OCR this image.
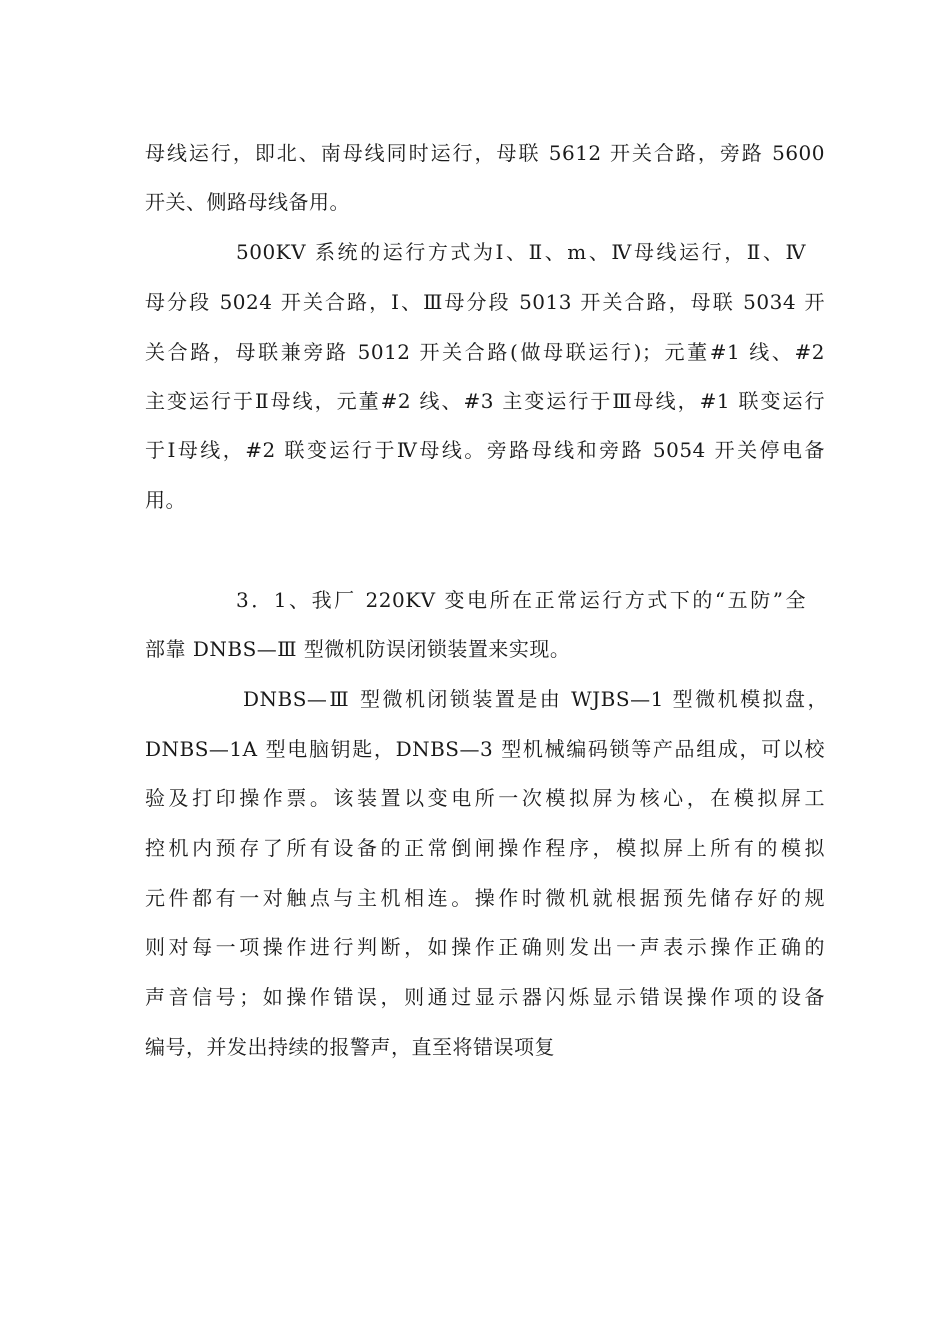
母线运行，即北、南母线同时运行，母联 5612 开关合路，旁路 5600
开关、侧路母线备用。
500KV 系统的运行方式为Ⅰ、Ⅱ、m、Ⅳ母线运行，Ⅱ、Ⅳ
母分段 5024 开关合路，Ⅰ、Ⅲ母分段 5013 开关合路，母联 5034 开
关合路，母联兼旁路 5012 开关合路(做母联运行)；元董#1 线、#2
主变运行于Ⅱ母线，元董#2 线、#3 主变运行于Ⅲ母线，#1 联变运行
于Ⅰ母线，#2 联变运行于Ⅳ母线。旁路母线和旁路 5054 开关停电备
用。
3．1、我厂 220KV 变电所在正常运行方式下的“五防”全
部靠 DNBS—Ⅲ 型微机防误闭锁装置来实现。
DNBS—Ⅲ 型微机闭锁装置是由 WJBS—1 型微机模拟盘，
DNBS—1A 型电脑钥匙，DNBS—3 型机械编码锁等产品组成，可以校
验及打印操作票。该装置以变电所一次模拟屏为核心，在模拟屏工
控机内预存了所有设备的正常倒闸操作程序，模拟屏上所有的模拟
元件都有一对触点与主机相连。操作时微机就根据预先储存好的规
则对每一项操作进行判断，如操作正确则发出一声表示操作正确的
声音信号；如操作错误，则通过显示器闪烁显示错误操作项的设备
编号，并发出持续的报警声，直至将错误项复
